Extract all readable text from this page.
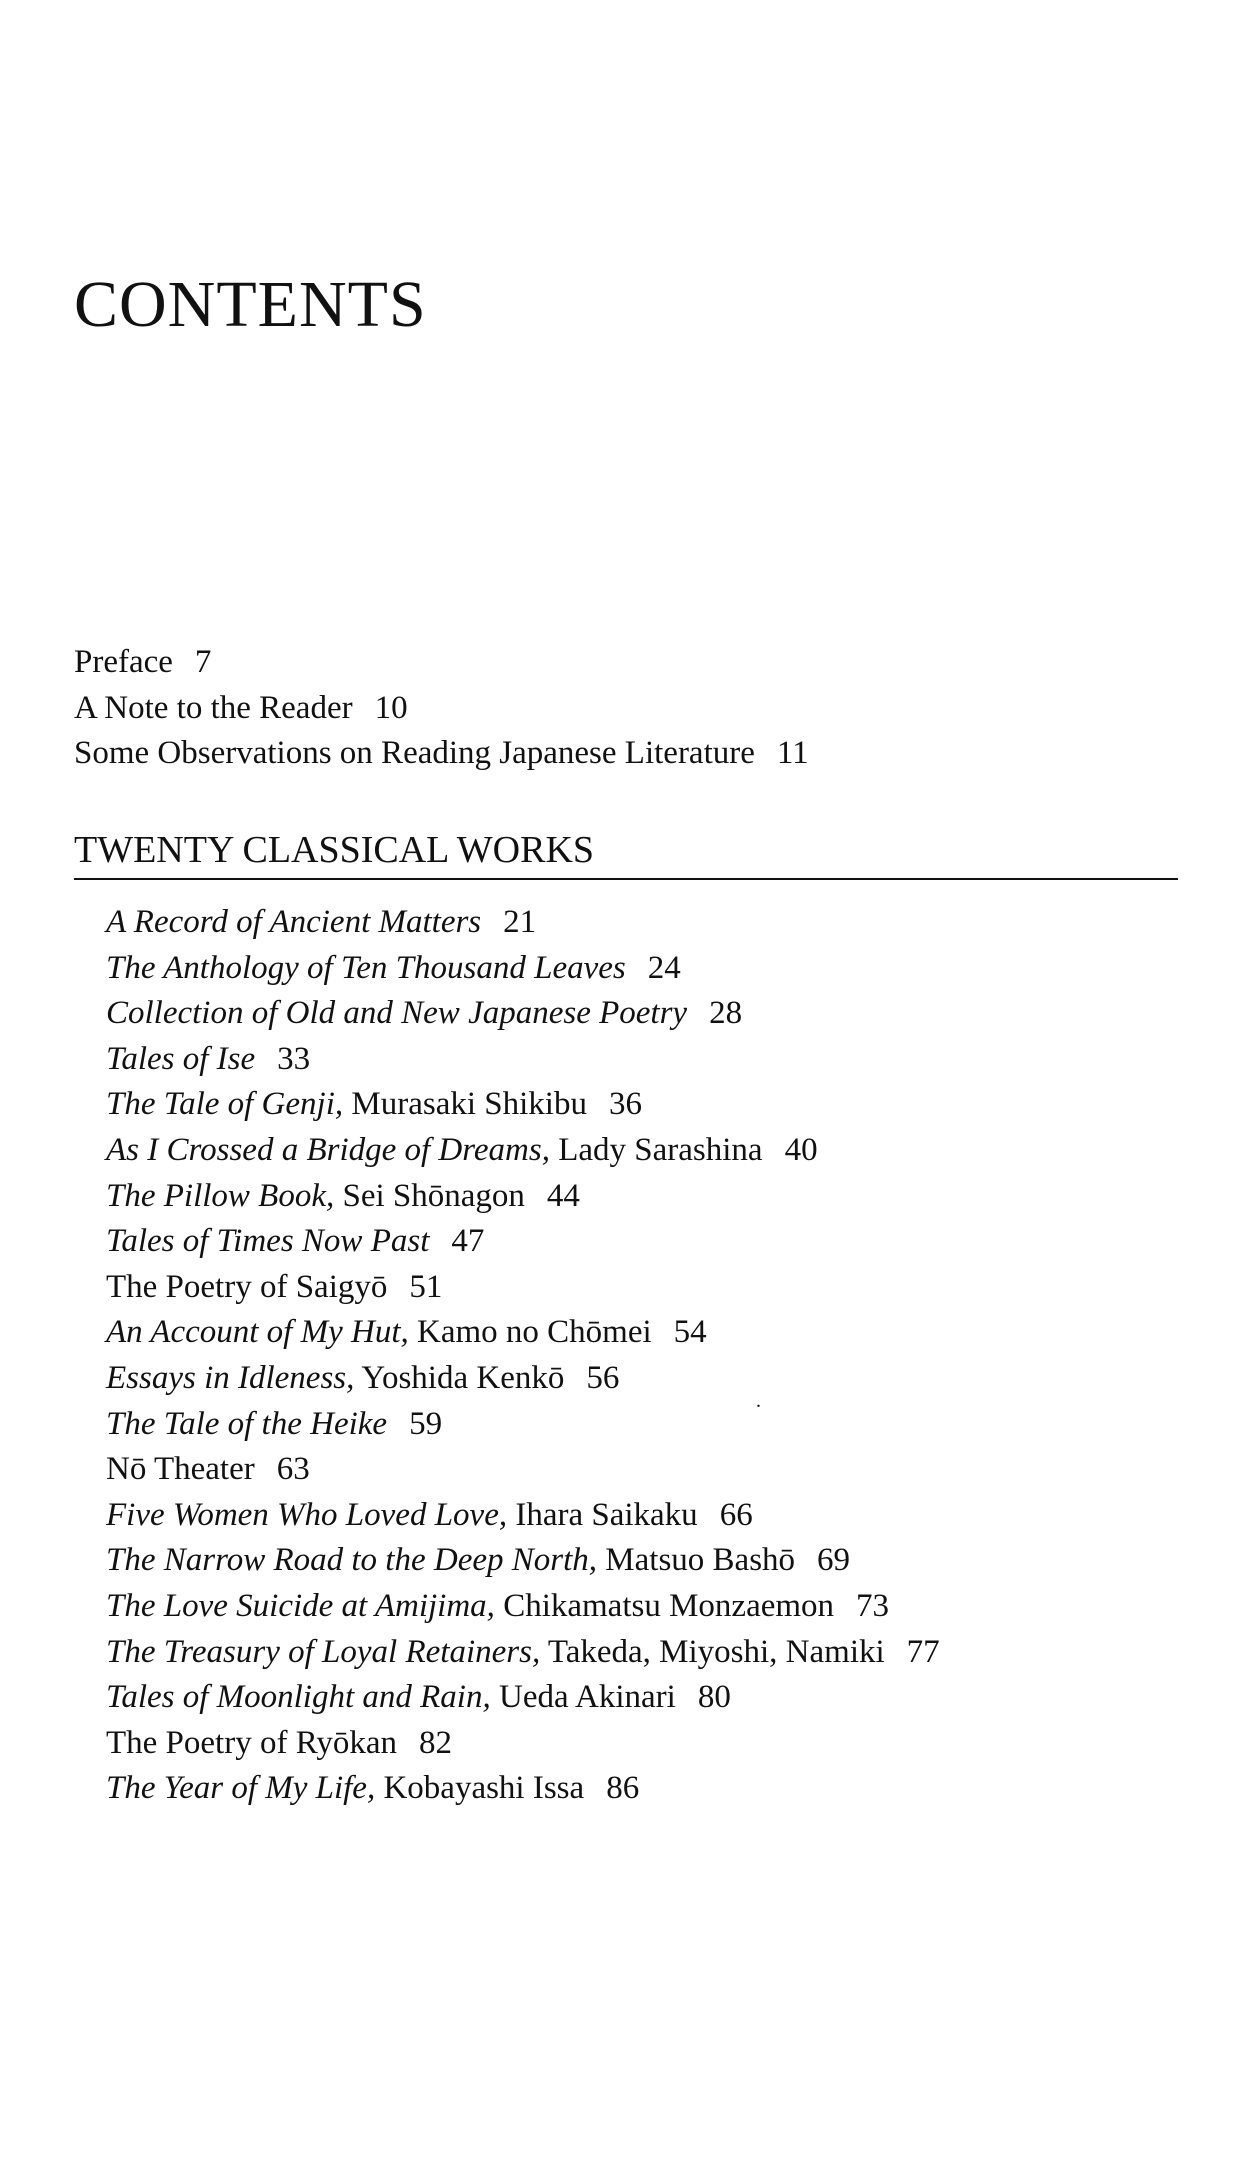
CONTENTS
Preface 7
A Note to the Reader 10
Some Observations on Reading Japanese Literature 11
TWENTY CLASSICAL WORKS
A Record of Ancient Matters 21
The Anthology of Ten Thousand Leaves 24
Collection of Old and New Japanese Poetry 28
Tales of Ise 33
The Tale of Genji, Murasaki Shikibu 36
As I Crossed a Bridge of Dreams, Lady Sarashina 40
The Pillow Book, Sei Shōnagon 44
Tales of Times Now Past 47
The Poetry of Saigyō 51
An Account of My Hut, Kamo no Chōmei 54
Essays in Idleness, Yoshida Kenkō 56
The Tale of the Heike 59
Nō Theater 63
Five Women Who Loved Love, Ihara Saikaku 66
The Narrow Road to the Deep North, Matsuo Bashō 69
The Love Suicide at Amijima, Chikamatsu Monzaemon 73
The Treasury of Loyal Retainers, Takeda, Miyoshi, Namiki 77
Tales of Moonlight and Rain, Ueda Akinari 80
The Poetry of Ryōkan 82
The Year of My Life, Kobayashi Issa 86
.
